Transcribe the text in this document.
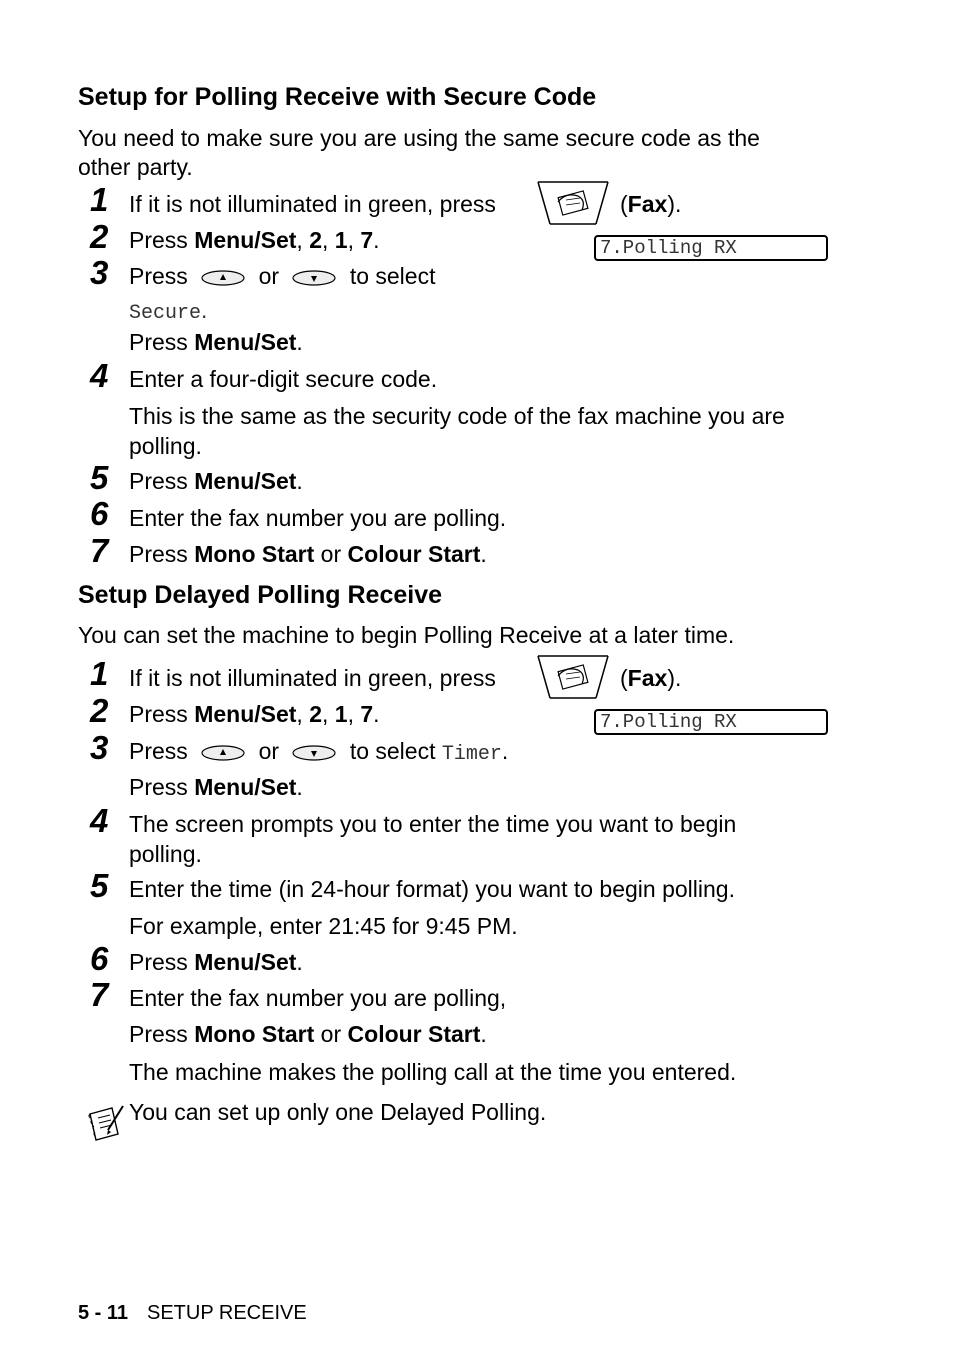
Setup for Polling Receive with Secure Code
You need to make sure you are using the same secure code as the
other party.
1 If it is not illuminated in green, press	(Fax).
2 Press Menu/Set, 2, 1, 7.	7.Polling RX
3 Press	or	to select
Secure.
Press Menu/Set.
4 Enter a four-digit secure code.
This is the same as the security code of the fax machine you are
polling.
5 Press Menu/Set.
6 Enter the fax number you are polling.
7 Press Mono Start or Colour Start.
Setup Delayed Polling Receive
You can set the machine to begin Polling Receive at a later time.
1 If it is not illuminated in green, press	(Fax).
2 Press Menu/Set, 2, 1, 7.	7.Polling RX
3 Press	or	to select Timer.
Press Menu/Set.
4 The screen prompts you to enter the time you want to begin
polling.
5 Enter the time (in 24-hour format) you want to begin polling.
For example, enter 21:45 for 9:45 PM.
6 Press Menu/Set.
7 Enter the fax number you are polling,
Press Mono Start or Colour Start.
The machine makes the polling call at the time you entered.
You can set up only one Delayed Polling.
5 - 11 SETUP RECEIVE
